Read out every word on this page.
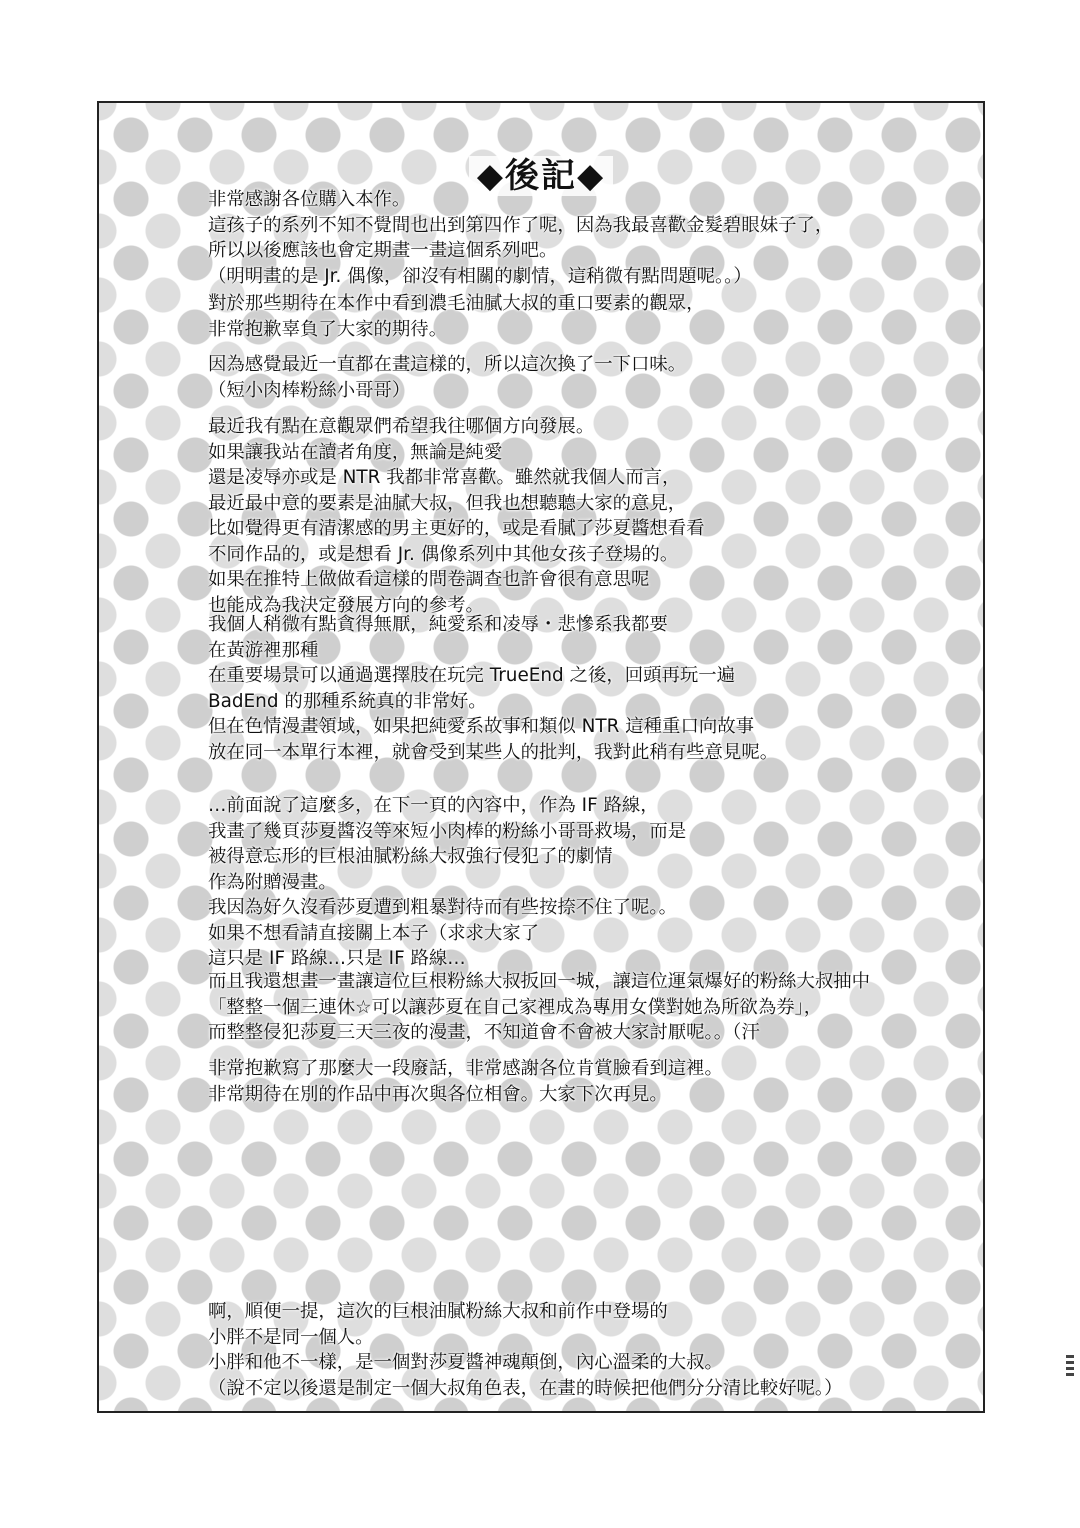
◆後記◆

非常感謝各位購入本作。
這孩子的系列不知不覺間也出到第四作了呢，因為我最喜歡金髮碧眼妹子了，
所以以後應該也會定期畫一畫這個系列吧。
（明明畫的是 Jr. 偶像，卻沒有相關的劇情，這稍微有點問題呢。。）

對於那些期待在本作中看到濃毛油膩大叔的重口要素的觀眾，
非常抱歉辜負了大家的期待。

因為感覺最近一直都在畫這樣的，所以這次換了一下口味。
（短小肉棒粉絲小哥哥）

最近我有點在意觀眾們希望我往哪個方向發展。
如果讓我站在讀者角度，無論是純愛
還是凌辱亦或是 NTR 我都非常喜歡。雖然就我個人而言，
最近最中意的要素是油膩大叔，但我也想聽聽大家的意見，
比如覺得更有清潔感的男主更好的，或是看膩了莎夏醬想看看
不同作品的，或是想看 Jr. 偶像系列中其他女孩子登場的。
如果在推特上做做看這樣的問卷調查也許會很有意思呢
也能成為我決定發展方向的參考。

我個人稍微有點貪得無厭，純愛系和凌辱・悲慘系我都要
在黃游裡那種
在重要場景可以通過選擇肢在玩完 TrueEnd 之後，回頭再玩一遍
BadEnd 的那種系統真的非常好。
但在色情漫畫領域，如果把純愛系故事和類似 NTR 這種重口向故事
放在同一本單行本裡，就會受到某些人的批判，我對此稍有些意見呢。

…前面說了這麼多，在下一頁的內容中，作為 IF 路線，
我畫了幾頁莎夏醬沒等來短小肉棒的粉絲小哥哥救場，而是
被得意忘形的巨根油膩粉絲大叔強行侵犯了的劇情
作為附贈漫畫。
我因為好久沒看莎夏遭到粗暴對待而有些按捺不住了呢。。
如果不想看請直接關上本子（求求大家了
這只是 IF 路線…只是 IF 路線…

而且我還想畫一畫讓這位巨根粉絲大叔扳回一城，讓這位運氣爆好的粉絲大叔抽中
「整整一個三連休☆可以讓莎夏在自己家裡成為專用女僕對她為所欲為券」，
而整整侵犯莎夏三天三夜的漫畫，不知道會不會被大家討厭呢。。（汗

非常抱歉寫了那麼大一段廢話，非常感謝各位肯賞臉看到這裡。
非常期待在別的作品中再次與各位相會。大家下次再見。

啊，順便一提，這次的巨根油膩粉絲大叔和前作中登場的
小胖不是同一個人。
小胖和他不一樣，是一個對莎夏醬神魂顛倒，內心溫柔的大叔。
（說不定以後還是制定一個大叔角色表，在畫的時候把他們分分清比較好呢。）
